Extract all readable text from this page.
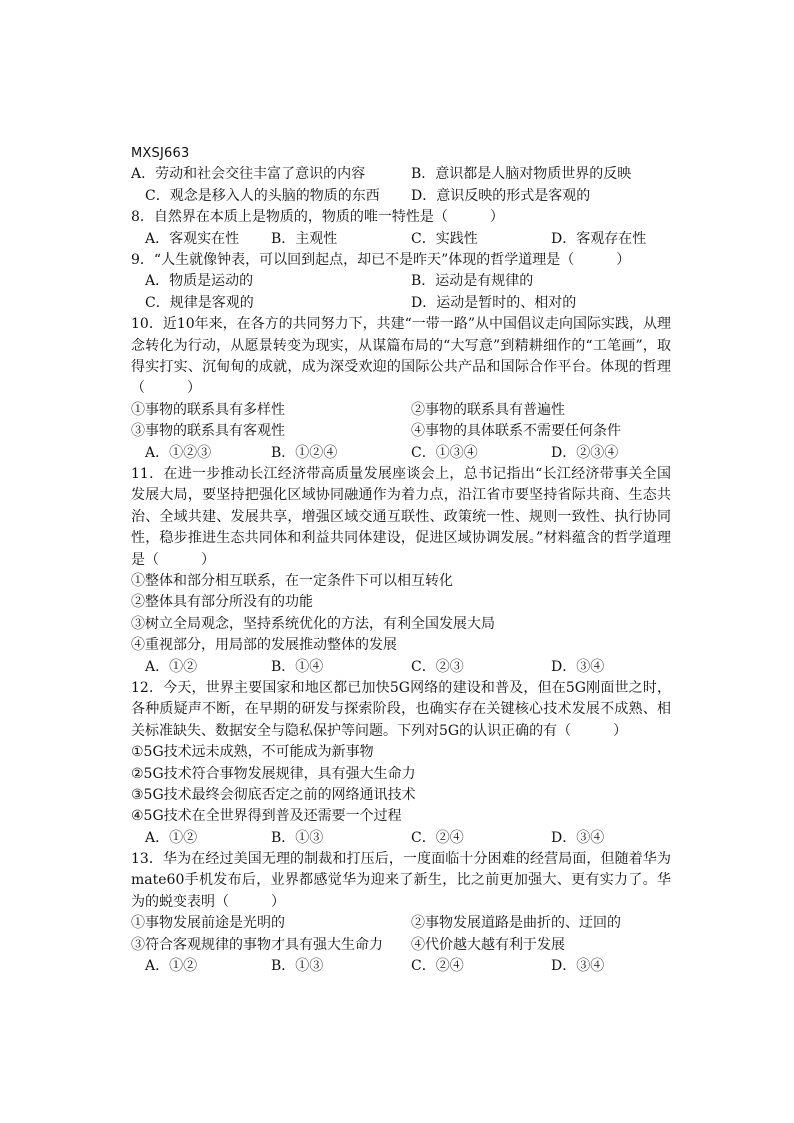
MXSJ663
A．劳动和社会交往丰富了意识的内容	B．意识都是人脑对物质世界的反映
C．观念是移入人的头脑的物质的东西 D．意识反映的形式是客观的
8．自然界在本质上是物质的，物质的唯一特性是（　　　）
A．客观实在性 B．主观性	C．实践性	D．客观存在性
9．“人生就像钟表，可以回到起点，却已不是昨天”体现的哲学道理是（　　　）
A．物质是运动的	B．运动是有规律的
C．规律是客观的	D．运动是暂时的、相对的
10．近10年来，在各方的共同努力下，共建“一带一路”从中国倡议走向国际实践，从理念转化为行动，从愿景转变为现实，从谋篇布局的“大写意”到精耕细作的“工笔画”，取得实打实、沉甸甸的成就，成为深受欢迎的国际公共产品和国际合作平台。体现的哲理（　　　）
①事物的联系具有多样性	②事物的联系具有普遍性
③事物的联系具有客观性	④事物的具体联系不需要任何条件
A．①②③	B．①②④	C．①③④	D．②③④
11．在进一步推动长江经济带高质量发展座谈会上，总书记指出“长江经济带事关全国发展大局，要坚持把强化区域协同融通作为着力点，沿江省市要坚持省际共商、生态共治、全域共建、发展共享，增强区域交通互联性、政策统一性、规则一致性、执行协同性，稳步推进生态共同体和利益共同体建设，促进区域协调发展。”材料蕴含的哲学道理是（　　　）
①整体和部分相互联系，在一定条件下可以相互转化
②整体具有部分所没有的功能
③树立全局观念，坚持系统优化的方法，有利全国发展大局
④重视部分，用局部的发展推动整体的发展
A．①②	B．①④	C．②③	D．③④
12．今天，世界主要国家和地区都已加快5G网络的建设和普及，但在5G刚面世之时，各种质疑声不断，在早期的研发与探索阶段，也确实存在关键核心技术发展不成熟、相关标准缺失、数据安全与隐私保护等问题。下列对5G的认识正确的有（　　　）
①5G技术远未成熟，不可能成为新事物
②5G技术符合事物发展规律，具有强大生命力
③5G技术最终会彻底否定之前的网络通讯技术
④5G技术在全世界得到普及还需要一个过程
A．①②	B．①③	C．②④	D．③④
13．华为在经过美国无理的制裁和打压后，一度面临十分困难的经营局面，但随着华为mate60手机发布后，业界都感觉华为迎来了新生，比之前更加强大、更有实力了。华为的蜕变表明（　　　）
①事物发展前途是光明的	②事物发展道路是曲折的、迂回的
③符合客观规律的事物才具有强大生命力 ④代价越大越有利于发展
A．①②	B．①③	C．②④	D．③④
